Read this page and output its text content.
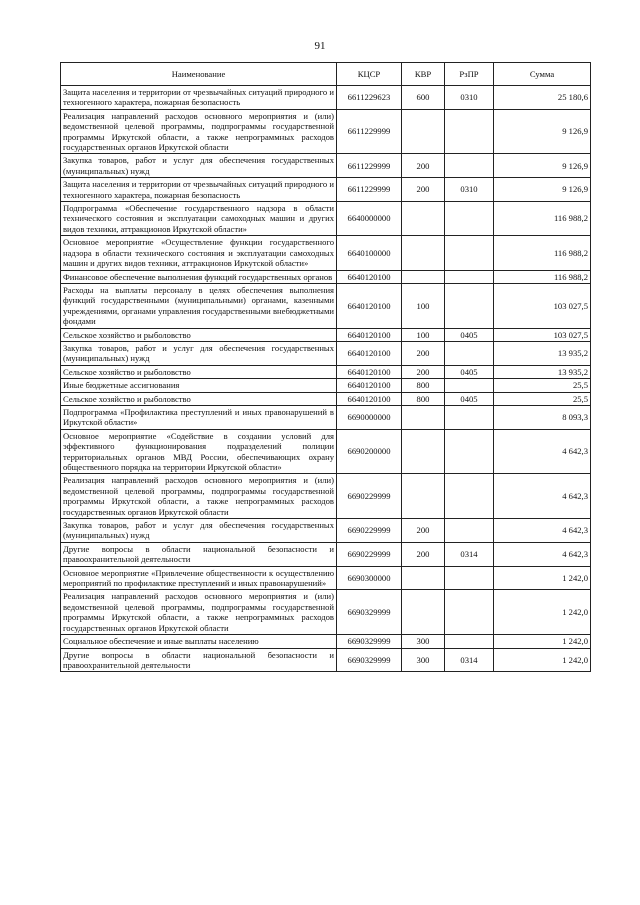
91
Наименование	КЦСР	КВР	РзПР	Сумма
Защита населения и территории от чрезвычайных ситуаций природного и техногенного характера, пожарная безопасность	6611229623	600	0310	25 180,6
Реализация направлений расходов основного мероприятия и (или) ведомственной целевой программы, подпрограммы государственной программы Иркутской области, а также непрограммных расходов государственных органов Иркутской области	6611229999			9 126,9
Закупка товаров, работ и услуг для обеспечения государственных (муниципальных) нужд	6611229999	200		9 126,9
Защита населения и территории от чрезвычайных ситуаций природного и техногенного характера, пожарная безопасность	6611229999	200	0310	9 126,9
Подпрограмма «Обеспечение государственного надзора в области технического состояния и эксплуатации самоходных машин и других видов техники, аттракционов Иркутской области»	6640000000			116 988,2
Основное мероприятие «Осуществление функции государственного надзора в области технического состояния и эксплуатации самоходных машин и других видов техники, аттракционов Иркутской области»	6640100000			116 988,2
Финансовое обеспечение выполнения функций государственных органов	6640120100			116 988,2
Расходы на выплаты персоналу в целях обеспечения выполнения функций государственными (муниципальными) органами, казенными учреждениями, органами управления государственными внебюджетными фондами	6640120100	100		103 027,5
Сельское хозяйство и рыболовство	6640120100	100	0405	103 027,5
Закупка товаров, работ и услуг для обеспечения государственных (муниципальных) нужд	6640120100	200		13 935,2
Сельское хозяйство и рыболовство	6640120100	200	0405	13 935,2
Иные бюджетные ассигнования	6640120100	800		25,5
Сельское хозяйство и рыболовство	6640120100	800	0405	25,5
Подпрограмма «Профилактика преступлений и иных правонарушений в Иркутской области»	6690000000			8 093,3
Основное мероприятие «Содействие в создании условий для эффективного функционирования подразделений полиции территориальных органов МВД России, обеспечивающих охрану общественного порядка на территории Иркутской области»	6690200000			4 642,3
Реализация направлений расходов основного мероприятия и (или) ведомственной целевой программы, подпрограммы государственной программы Иркутской области, а также непрограммных расходов государственных органов Иркутской области	6690229999			4 642,3
Закупка товаров, работ и услуг для обеспечения государственных (муниципальных) нужд	6690229999	200		4 642,3
Другие вопросы в области национальной безопасности и правоохранительной деятельности	6690229999	200	0314	4 642,3
Основное мероприятие «Привлечение общественности к осуществлению мероприятий по профилактике преступлений и иных правонарушений»	6690300000			1 242,0
Реализация направлений расходов основного мероприятия и (или) ведомственной целевой программы, подпрограммы государственной программы Иркутской области, а также непрограммных расходов государственных органов Иркутской области	6690329999			1 242,0
Социальное обеспечение и иные выплаты населению	6690329999	300		1 242,0
Другие вопросы в области национальной безопасности и правоохранительной деятельности	6690329999	300	0314	1 242,0
